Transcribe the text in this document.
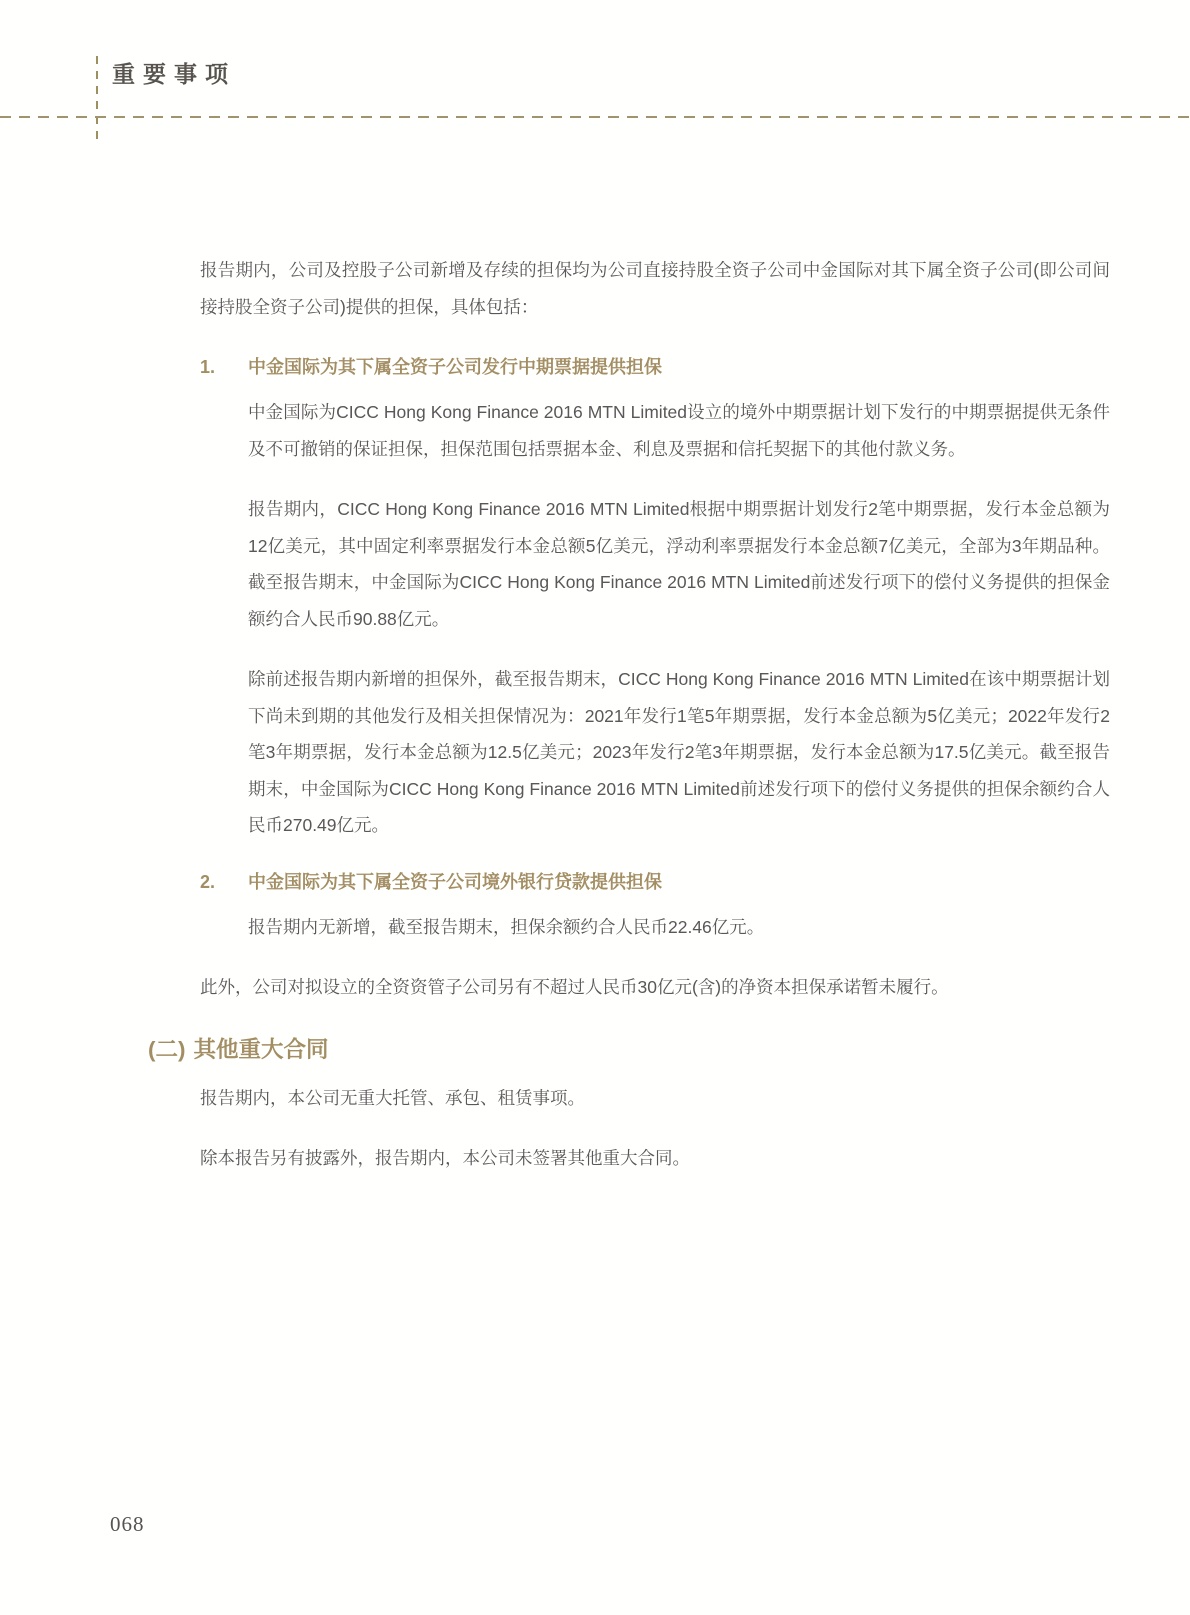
重要事项

报告期内，公司及控股子公司新增及存续的担保均为公司直接持股全资子公司中金国际对其下属全资子公司(即公司间接持股全资子公司)提供的担保，具体包括：

1.	中金国际为其下属全资子公司发行中期票据提供担保

中金国际为CICC Hong Kong Finance 2016 MTN Limited设立的境外中期票据计划下发行的中期票据提供无条件及不可撤销的保证担保，担保范围包括票据本金、利息及票据和信托契据下的其他付款义务。

报告期内，CICC Hong Kong Finance 2016 MTN Limited根据中期票据计划发行2笔中期票据，发行本金总额为12亿美元，其中固定利率票据发行本金总额5亿美元，浮动利率票据发行本金总额7亿美元，全部为3年期品种。截至报告期末，中金国际为CICC Hong Kong Finance 2016 MTN Limited前述发行项下的偿付义务提供的担保金额约合人民币90.88亿元。

除前述报告期内新增的担保外，截至报告期末，CICC Hong Kong Finance 2016 MTN Limited在该中期票据计划下尚未到期的其他发行及相关担保情况为：2021年发行1笔5年期票据，发行本金总额为5亿美元；2022年发行2笔3年期票据，发行本金总额为12.5亿美元；2023年发行2笔3年期票据，发行本金总额为17.5亿美元。截至报告期末，中金国际为CICC Hong Kong Finance 2016 MTN Limited前述发行项下的偿付义务提供的担保余额约合人民币270.49亿元。

2.	中金国际为其下属全资子公司境外银行贷款提供担保

报告期内无新增，截至报告期末，担保余额约合人民币22.46亿元。

此外，公司对拟设立的全资资管子公司另有不超过人民币30亿元(含)的净资本担保承诺暂未履行。

(二) 其他重大合同

报告期内，本公司无重大托管、承包、租赁事项。

除本报告另有披露外，报告期内，本公司未签署其他重大合同。

068
